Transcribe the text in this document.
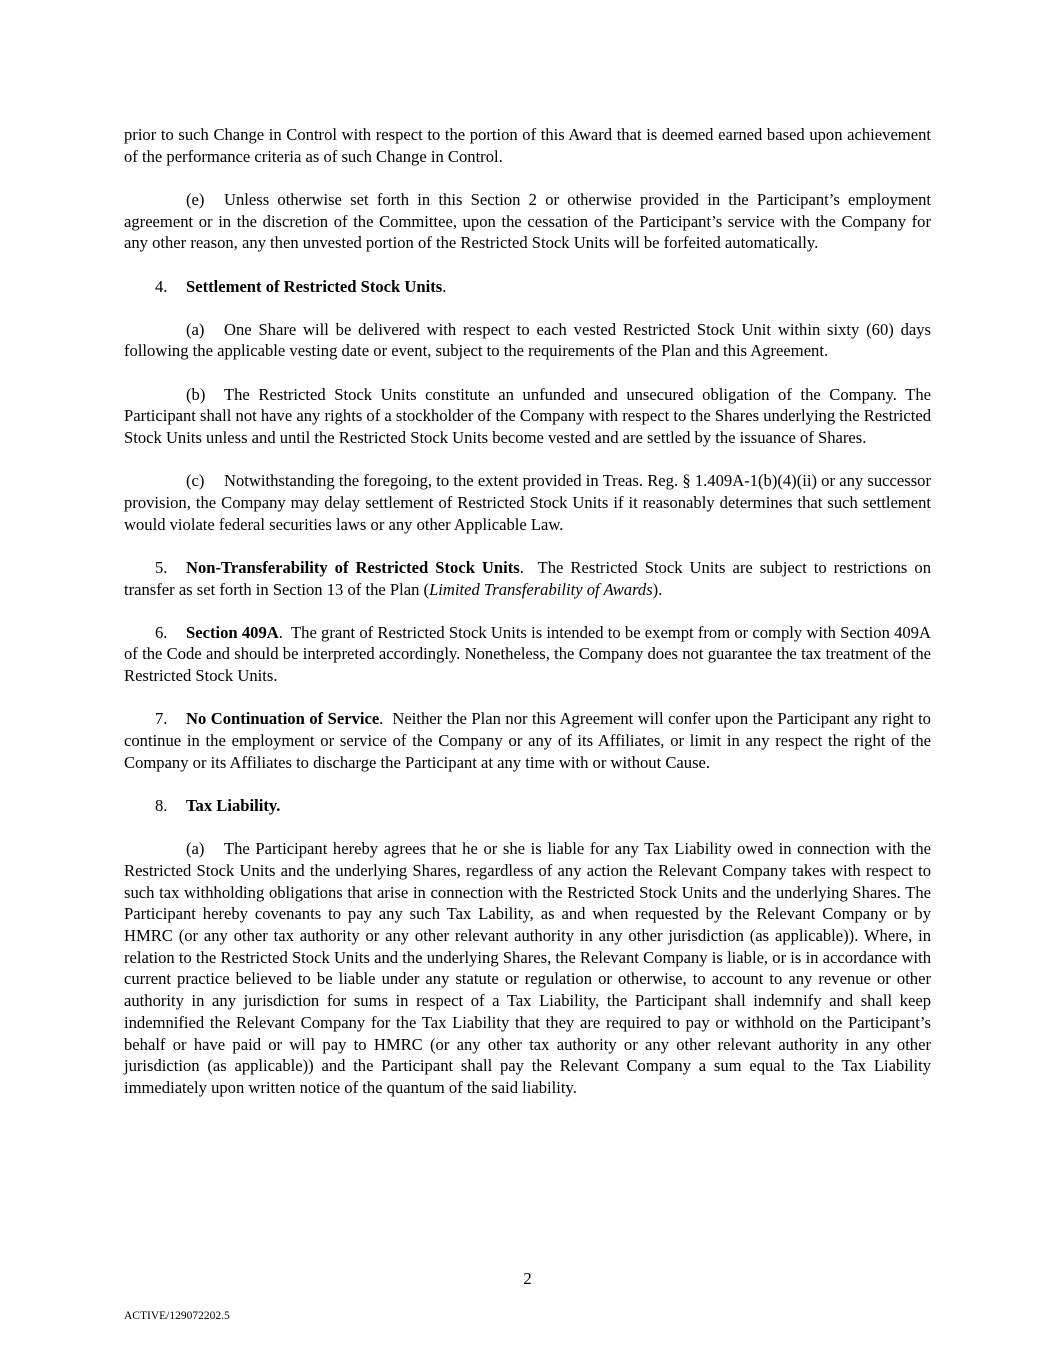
prior to such Change in Control with respect to the portion of this Award that is deemed earned based upon achievement of the performance criteria as of such Change in Control.

(e) Unless otherwise set forth in this Section 2 or otherwise provided in the Participant’s employment agreement or in the discretion of the Committee, upon the cessation of the Participant’s service with the Company for any other reason, any then unvested portion of the Restricted Stock Units will be forfeited automatically.

4. Settlement of Restricted Stock Units.

(a) One Share will be delivered with respect to each vested Restricted Stock Unit within sixty (60) days following the applicable vesting date or event, subject to the requirements of the Plan and this Agreement.

(b) The Restricted Stock Units constitute an unfunded and unsecured obligation of the Company. The Participant shall not have any rights of a stockholder of the Company with respect to the Shares underlying the Restricted Stock Units unless and until the Restricted Stock Units become vested and are settled by the issuance of Shares.

(c) Notwithstanding the foregoing, to the extent provided in Treas. Reg. § 1.409A-1(b)(4)(ii) or any successor provision, the Company may delay settlement of Restricted Stock Units if it reasonably determines that such settlement would violate federal securities laws or any other Applicable Law.

5. Non-Transferability of Restricted Stock Units.  The Restricted Stock Units are subject to restrictions on transfer as set forth in Section 13 of the Plan (Limited Transferability of Awards).

6. Section 409A.  The grant of Restricted Stock Units is intended to be exempt from or comply with Section 409A of the Code and should be interpreted accordingly. Nonetheless, the Company does not guarantee the tax treatment of the Restricted Stock Units.

7. No Continuation of Service.  Neither the Plan nor this Agreement will confer upon the Participant any right to continue in the employment or service of the Company or any of its Affiliates, or limit in any respect the right of the Company or its Affiliates to discharge the Participant at any time with or without Cause.

8. Tax Liability.

(a) The Participant hereby agrees that he or she is liable for any Tax Liability owed in connection with the Restricted Stock Units and the underlying Shares, regardless of any action the Relevant Company takes with respect to such tax withholding obligations that arise in connection with the Restricted Stock Units and the underlying Shares. The Participant hereby covenants to pay any such Tax Lability, as and when requested by the Relevant Company or by HMRC (or any other tax authority or any other relevant authority in any other jurisdiction (as applicable)). Where, in relation to the Restricted Stock Units and the underlying Shares, the Relevant Company is liable, or is in accordance with current practice believed to be liable under any statute or regulation or otherwise, to account to any revenue or other authority in any jurisdiction for sums in respect of a Tax Liability, the Participant shall indemnify and shall keep indemnified the Relevant Company for the Tax Liability that they are required to pay or withhold on the Participant’s behalf or have paid or will pay to HMRC (or any other tax authority or any other relevant authority in any other jurisdiction (as applicable)) and the Participant shall pay the Relevant Company a sum equal to the Tax Liability immediately upon written notice of the quantum of the said liability.

2
ACTIVE/129072202.5
